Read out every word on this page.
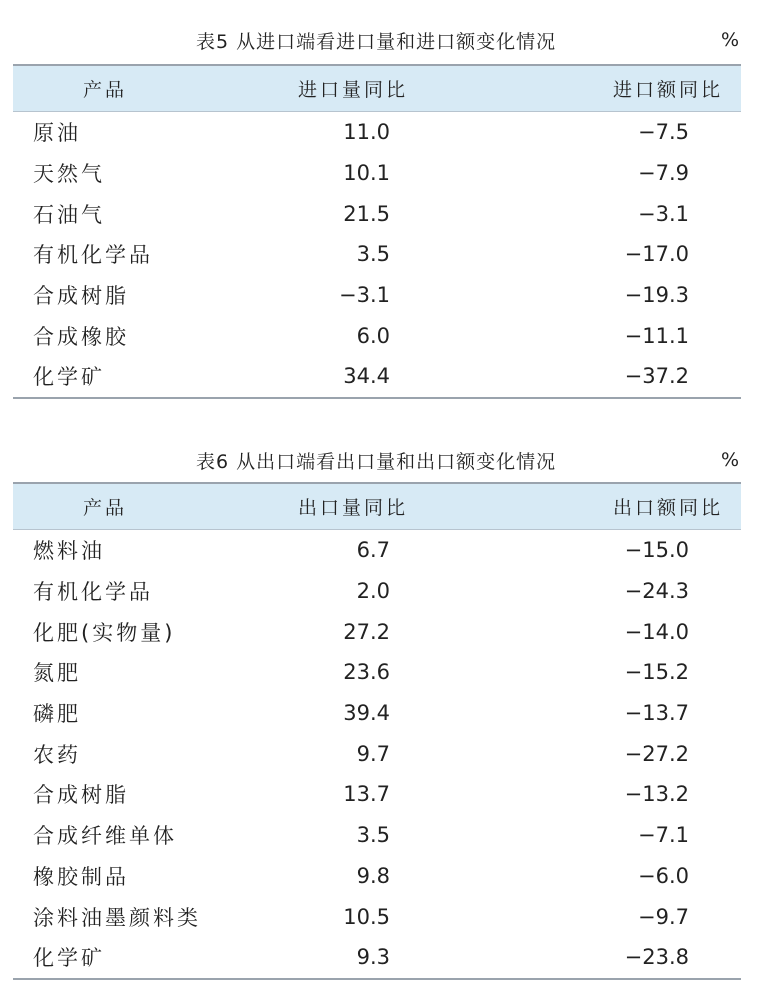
表5 从进口端看进口量和进口额变化情况	%
产品	进口量同比	进口额同比
原油	11.0	−7.5
天然气	10.1	−7.9
石油气	21.5	−3.1
有机化学品	3.5	−17.0
合成树脂	−3.1	−19.3
合成橡胶	6.0	−11.1
化学矿	34.4	−37.2
表6 从出口端看出口量和出口额变化情况	%
产品	出口量同比	出口额同比
燃料油	6.7	−15.0
有机化学品	2.0	−24.3
化肥(实物量)	27.2	−14.0
氮肥	23.6	−15.2
磷肥	39.4	−13.7
农药	9.7	−27.2
合成树脂	13.7	−13.2
合成纤维单体	3.5	−7.1
橡胶制品	9.8	−6.0
涂料油墨颜料类	10.5	−9.7
化学矿	9.3	−23.8
